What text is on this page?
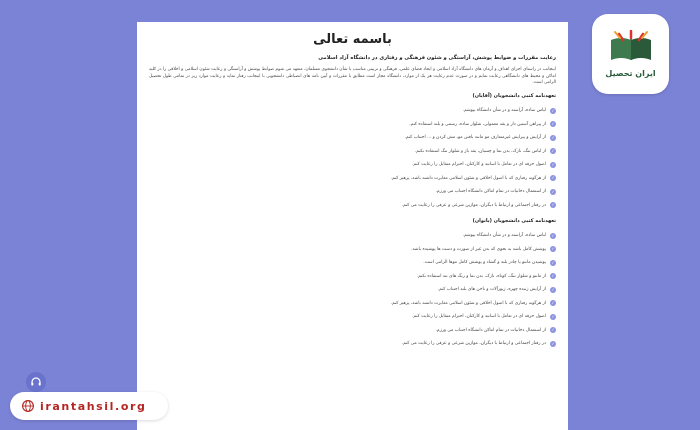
باسمه تعالی
رعایت مقررات و ضوابط پوشش، آراستگی و شئون فرهنگی و رفتاری در دانشگاه آزاد اسلامی
اینجانب در راستای اجرای اهداف و آرمان های دانشگاه آزاد اسلامی و ایجاد فضای علمی، فرهنگی و تربیتی مناسب با شأن دانشجوی مسلمان، متعهد می شوم ضوابط پوشش و آراستگی و رعایت شئون اسلامی و اخلاقی را در کلیه اماکن و محیط های دانشگاهی رعایت نمایم و در صورت عدم رعایت هر یک از موارد، دانشگاه مجاز است مطابق با مقررات و آیین نامه های انضباطی دانشجویی با اینجانب رفتار نماید و رعایت موارد زیر در تمامی طول تحصیل الزامی است.
تعهدنامه کتبی دانشجویان (آقایان)
✓
لباس ساده، آراسته و در شأن دانشگاه بپوشم.
✓
از پیراهن آستین دار و یقه معمولی، شلوار ساده، رسمی و بلند استفاده کنم.
✓
از آرایش و پیرایش غیرمتعارف مو مانند بافتن مو، مش کردن و ... اجتناب کنم.
✓
از لباس تنگ، نازک، بدن نما و چسبان، یقه باز و شلوار تنگ استفاده نکنم.
✓
اصول حرفه ای در تعامل با اساتید و کارکنان، احترام متقابل را رعایت کنم.
✓
از هرگونه رفتاری که با اصول اخلاقی و شئون اسلامی مغایرت داشته باشد، پرهیز کنم.
✓
از استعمال دخانیات در تمام اماکن دانشگاه اجتناب می ورزم.
✓
در رفتار اجتماعی و ارتباط با دیگران، موازین شرعی و عرفی را رعایت می کنم.
تعهدنامه کتبی دانشجویان (بانوان)
✓
لباس ساده، آراسته و در شأن دانشگاه بپوشم.
✓
پوشش کامل باشد به نحوی که بدن غیر از صورت و دست ها پوشیده باشد.
✓
پوشیدن مانتو یا چادر بلند و گشاد و پوشش کامل موها الزامی است.
✓
از مانتو و شلوار تنگ، کوتاه، نازک، بدن نما و رنگ های تند استفاده نکنم.
✓
از آرایش زننده چهره، زیورآلات و ناخن های بلند اجتناب کنم.
✓
از هرگونه رفتاری که با اصول اخلاقی و شئون اسلامی مغایرت داشته باشد، پرهیز کنم.
✓
اصول حرفه ای در تعامل با اساتید و کارکنان، احترام متقابل را رعایت کنم.
✓
از استعمال دخانیات در تمام اماکن دانشگاه اجتناب می ورزم.
✓
در رفتار اجتماعی و ارتباط با دیگران، موازین شرعی و عرفی را رعایت می کنم.
ایران تحصیل
irantahsil.org
